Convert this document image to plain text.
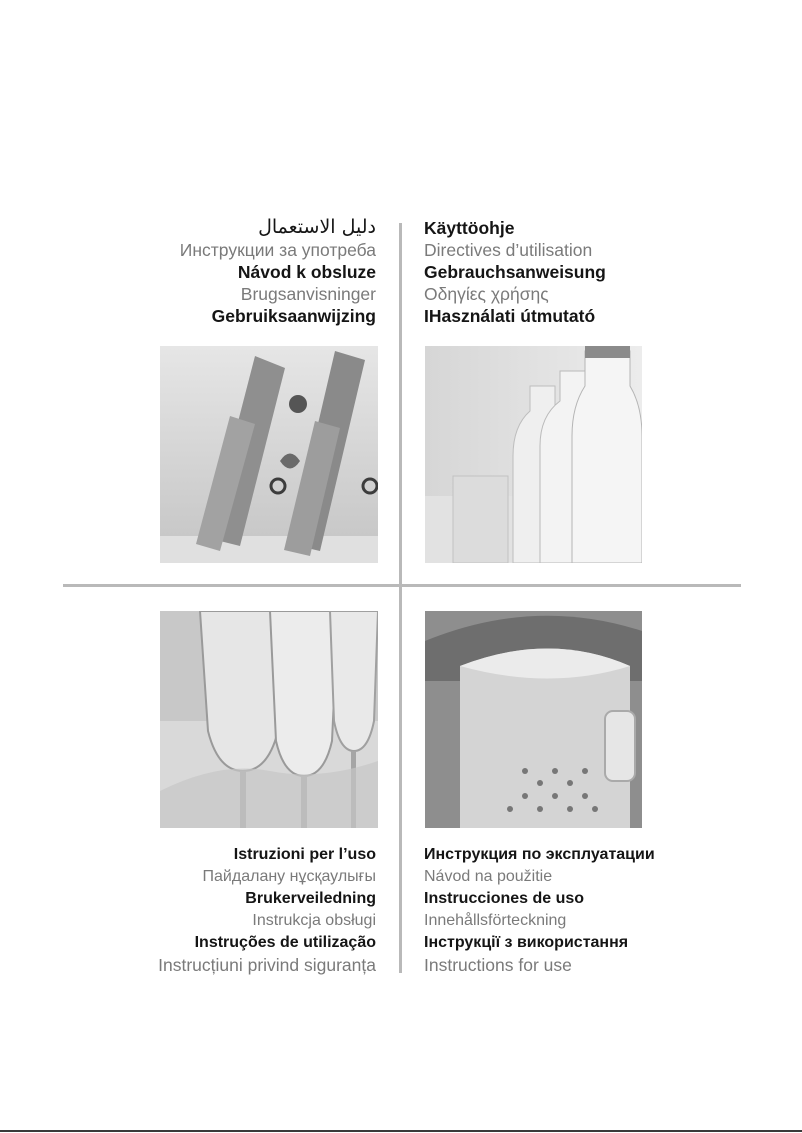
دليل الاستعمال
Инструкции за употреба
Návod k obsluze
Brugsanvisninger
Gebruiksaanwijzing
Käyttöohje
Directives d’utilisation
Gebrauchsanweisung
Οδηγίες χρήσης
IHasználati útmutató
Istruzioni per l’uso
Пайдалану нұсқаулығы
Brukerveiledning
Instrukcja obsługi
Instruções de utilização
Instrucțiuni privind siguranța
Инструкция по эксплуатации
Návod na použitie
Instrucciones de uso
Innehållsförteckning
Інструкції з використання
Instructions for use
